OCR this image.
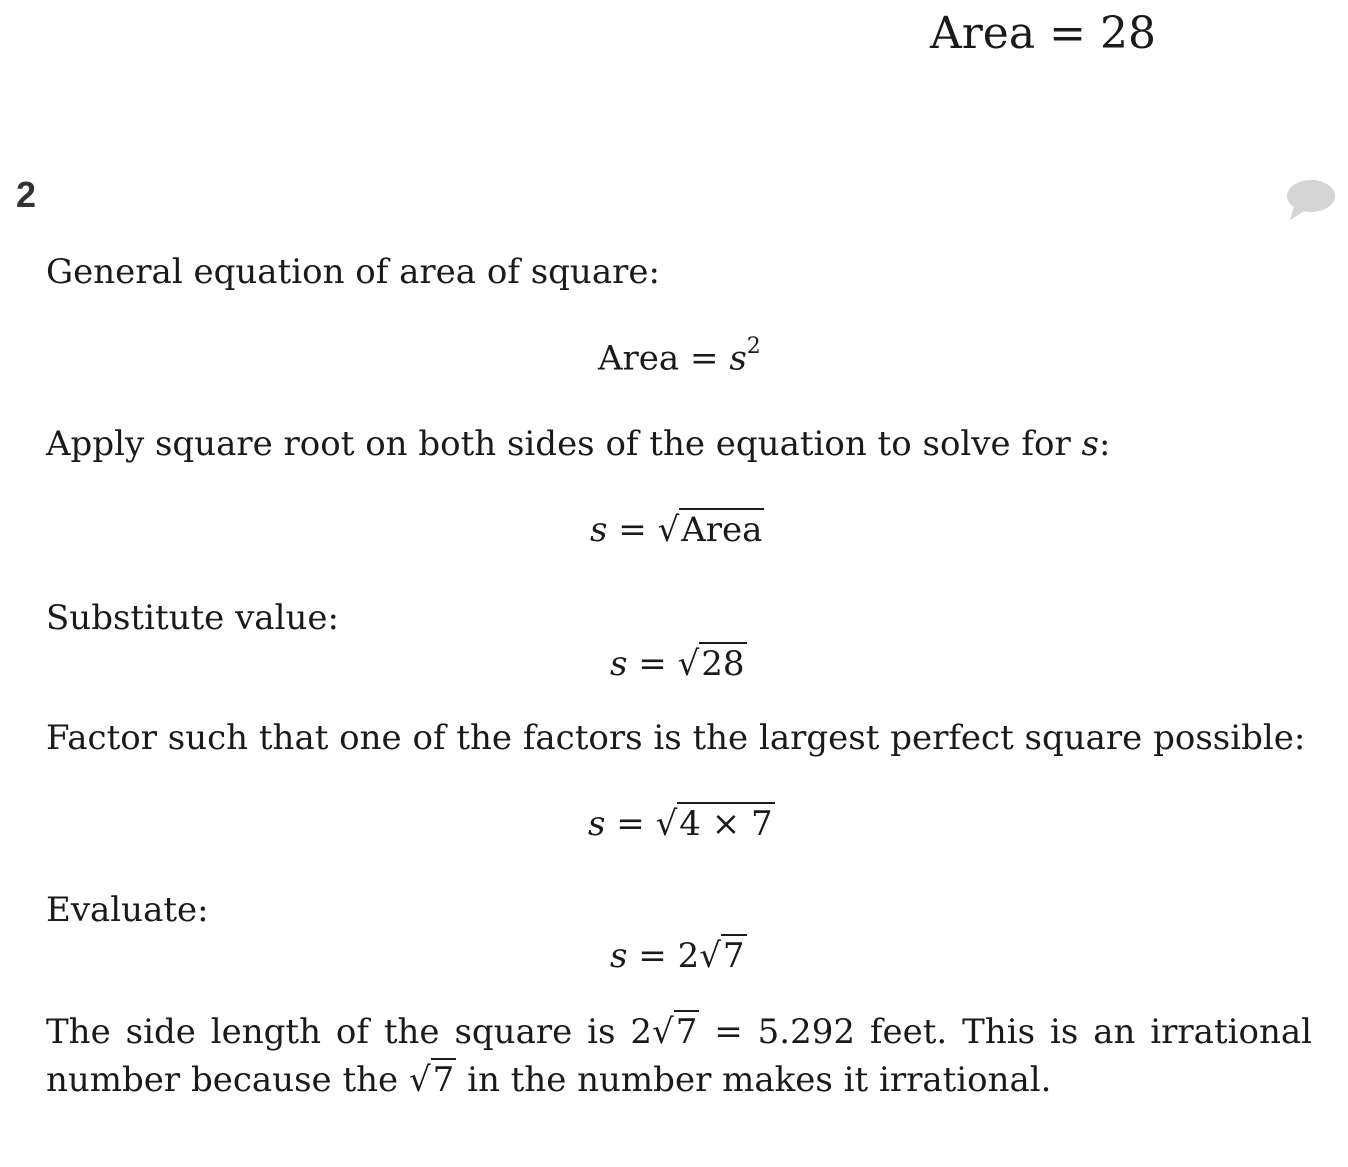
Area = 28
2
General equation of area of square:
Area = $s^2$
Apply square root on both sides of the equation to solve for s:
s = √Area
Substitute value:
s = √28
Factor such that one of the factors is the largest perfect square possible:
s = √4 × 7
Evaluate:
s = 2√7
The side length of the square is 2√7 = 5.292 feet. This is an irrational number because the √7 in the number makes it irrational.
